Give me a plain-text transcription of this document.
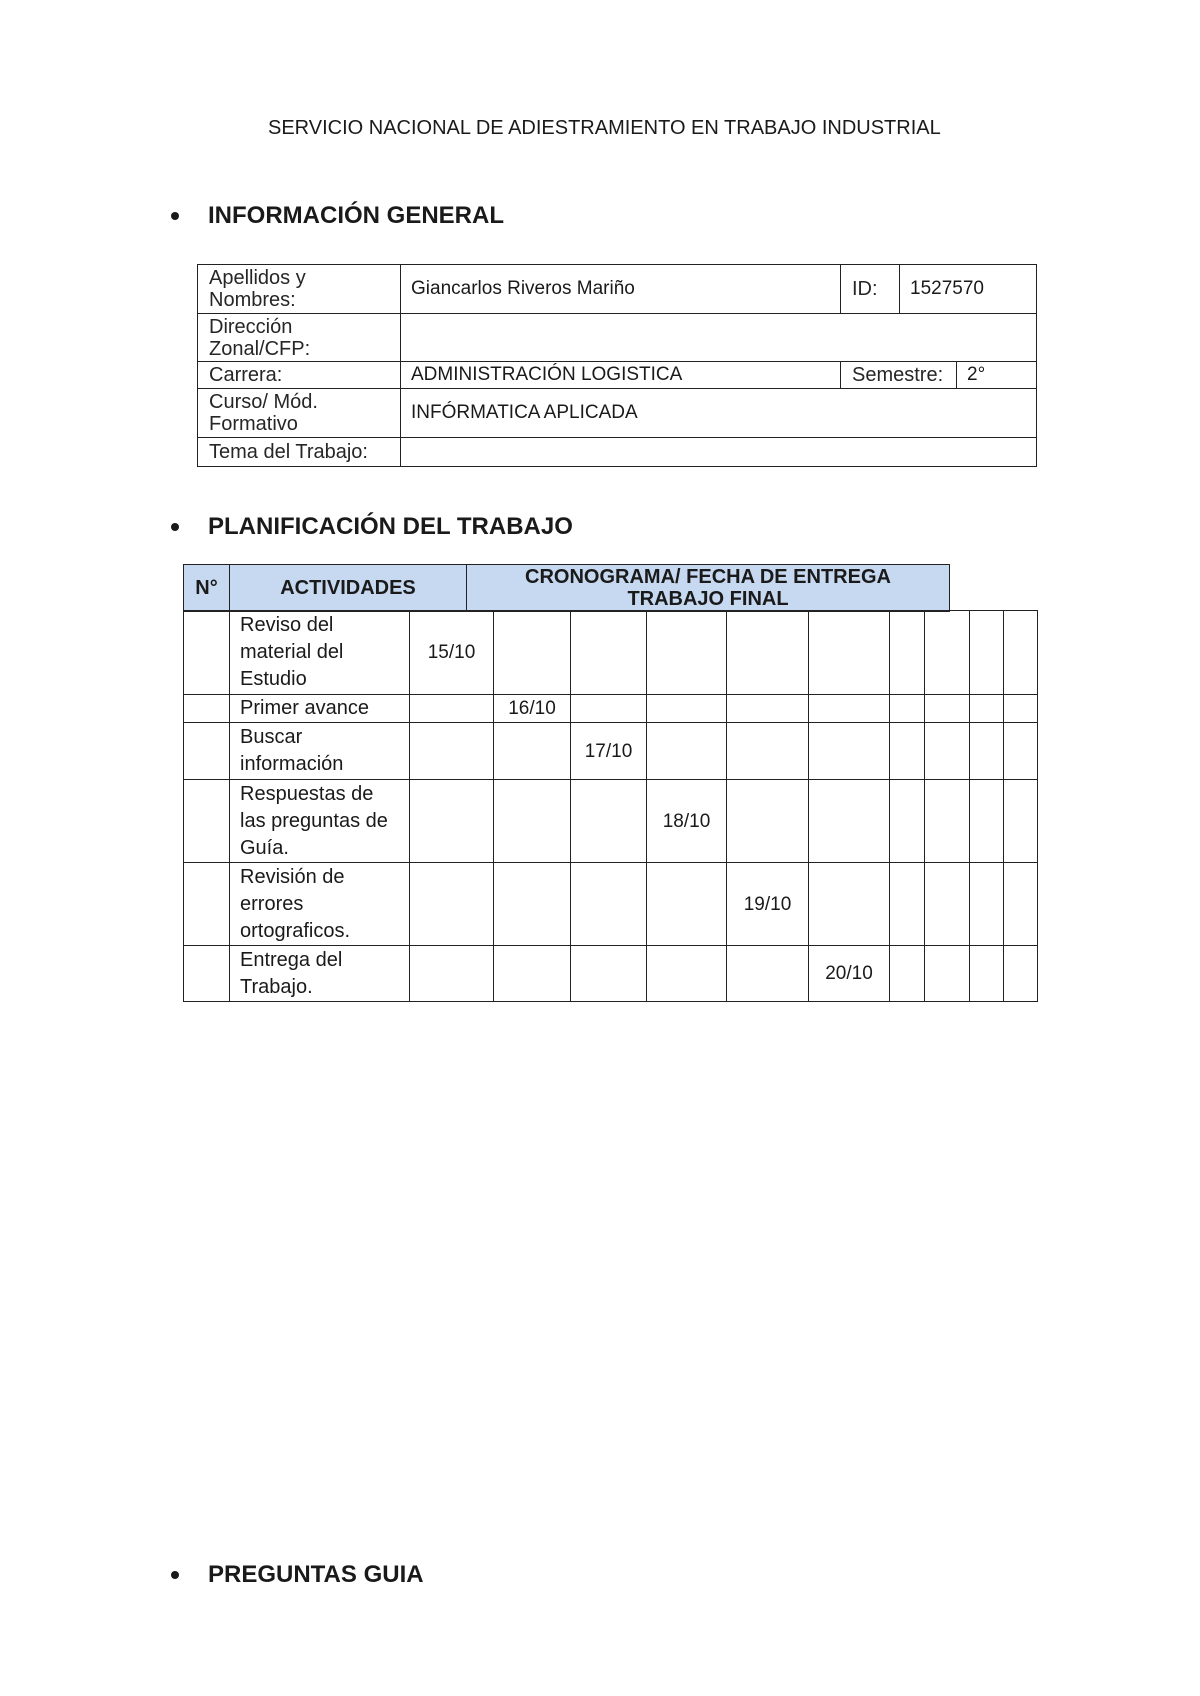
SERVICIO NACIONAL DE ADIESTRAMIENTO EN TRABAJO INDUSTRIAL
INFORMACIÓN GENERAL
Apellidos y Nombres:	Giancarlos Riveros Mariño	ID:	1527570	
Dirección Zonal/CFP:				
Carrera:	ADMINISTRACIÓN LOGISTICA	Semestre:		2°
Curso/ Mód. Formativo	INFÓRMATICA APLICADA			
Tema del Trabajo:				
PLANIFICACIÓN DEL TRABAJO
N°	ACTIVIDADES	CRONOGRAMA/ FECHA DE ENTREGA TRABAJO FINAL

	Reviso del material del Estudio	15/10									

	Primer avance		16/10								

	Buscar información			17/10							

	Respuestas de las preguntas de Guía.				18/10						

	Revisión de errores ortograficos.					19/10					

	Entrega del Trabajo.						20/10				
PREGUNTAS GUIA
